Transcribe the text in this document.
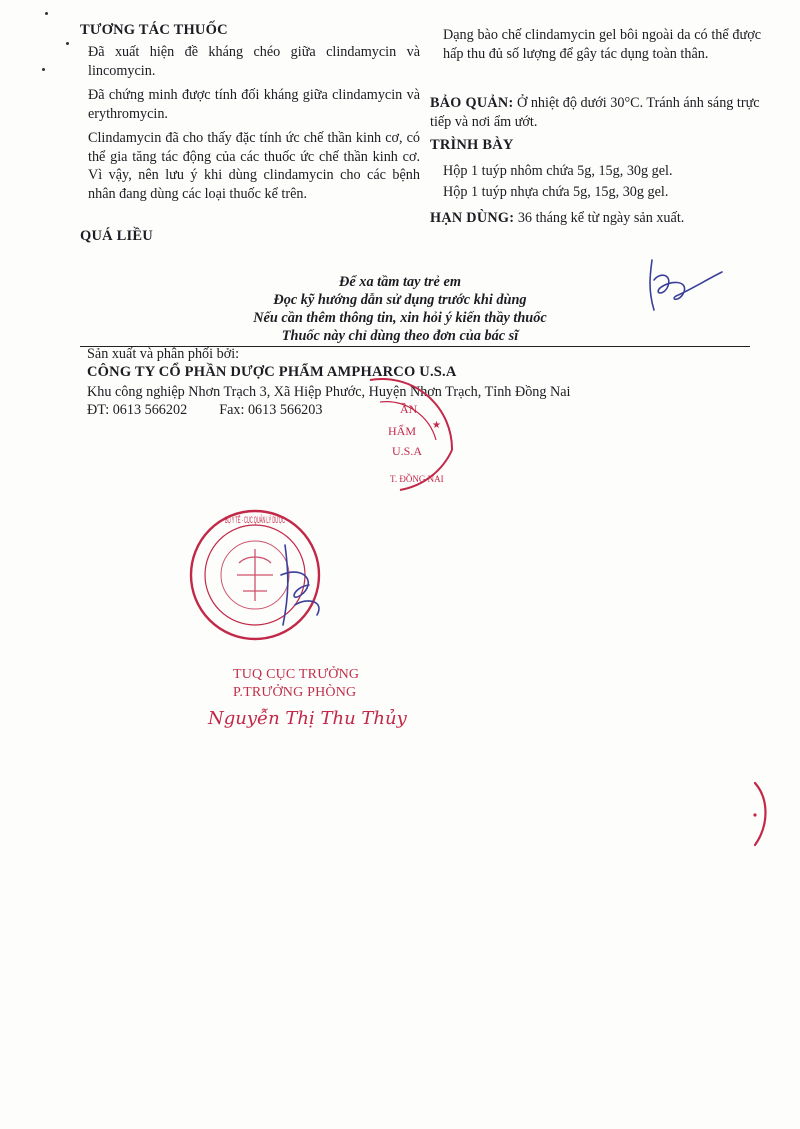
TƯƠNG TÁC THUỐC

Đã xuất hiện đề kháng chéo giữa clindamycin và lincomycin.

Đã chứng minh được tính đối kháng giữa clindamycin và erythromycin.

Clindamycin đã cho thấy đặc tính ức chế thần kinh cơ, có thể gia tăng tác động của các thuốc ức chế thần kinh cơ. Vì vậy, nên lưu ý khi dùng clindamycin cho các bệnh nhân đang dùng các loại thuốc kể trên.

QUÁ LIỀU

Dạng bào chế clindamycin gel bôi ngoài da có thể được hấp thu đủ số lượng để gây tác dụng toàn thân.

BẢO QUẢN: Ở nhiệt độ dưới 30°C. Tránh ánh sáng trực tiếp và nơi ẩm ướt.
TRÌNH BÀY
Hộp 1 tuýp nhôm chứa 5g, 15g, 30g gel.
Hộp 1 tuýp nhựa chứa 5g, 15g, 30g gel.
HẠN DÙNG: 36 tháng kể từ ngày sản xuất.
Để xa tầm tay trẻ em
Đọc kỹ hướng dẫn sử dụng trước khi dùng
Nếu cần thêm thông tin, xin hỏi ý kiến thầy thuốc
Thuốc này chỉ dùng theo đơn của bác sĩ
Sản xuất và phân phối bởi:
CÔNG TY CỔ PHẦN DƯỢC PHẨM AMPHARCO U.S.A
Khu công nghiệp Nhơn Trạch 3, Xã Hiệp Phước, Huyện Nhơn Trạch, Tỉnh Đồng Nai
ĐT: 0613 566202 Fax: 0613 566203	ẦN
HẨM
U.S.A
T. ĐỒNG NAI
★
BỘ Y TẾ · CỤC QUẢN LÝ DƯỢC
TUQ CỤC TRƯỞNG
P.TRƯỞNG PHÒNG
Nguyễn Thị Thu Thủy
